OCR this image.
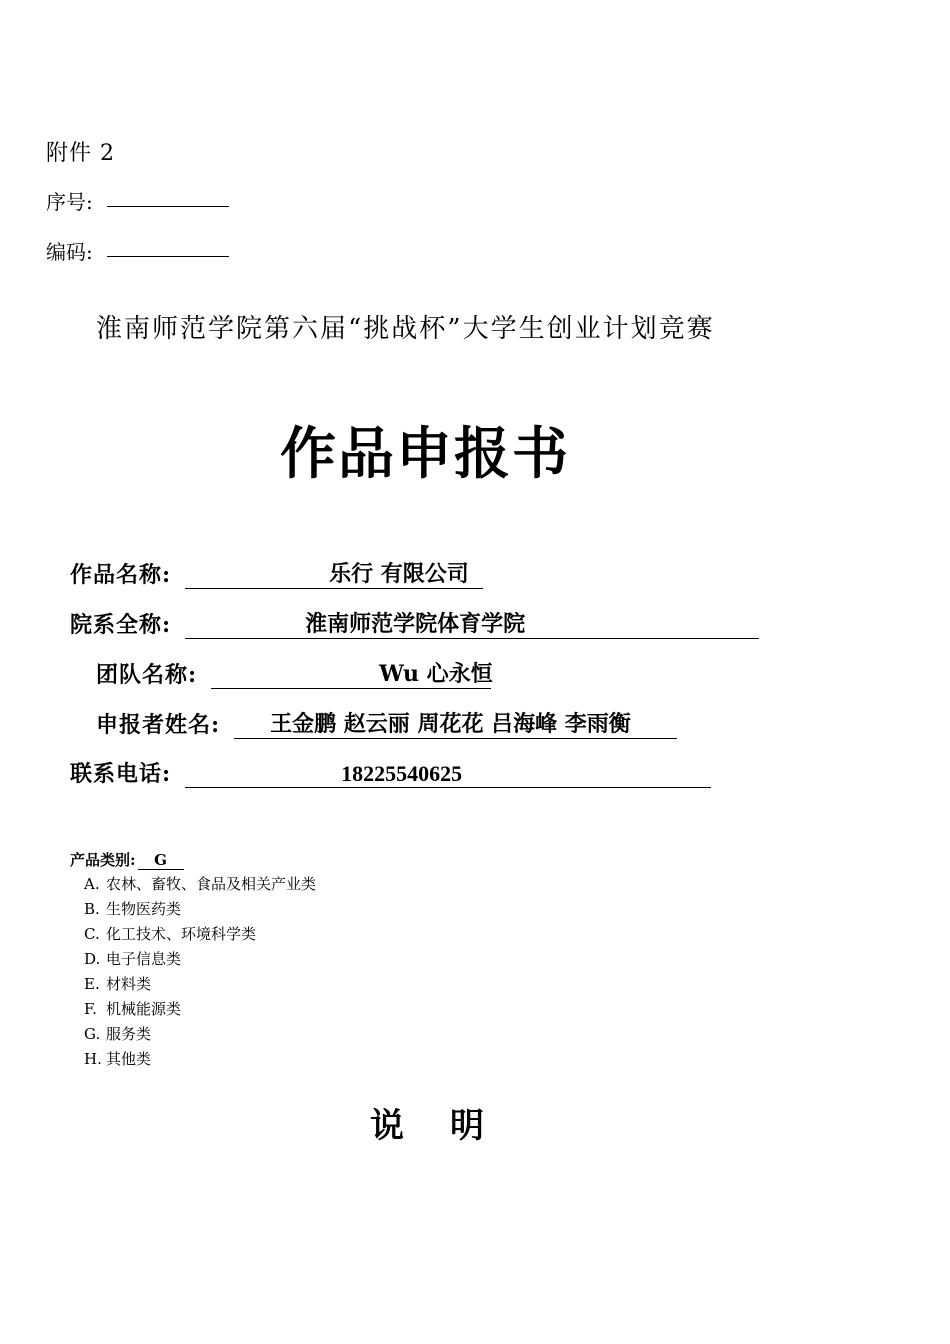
附件 2
序号:
编码:
淮南师范学院第六届“挑战杯”大学生创业计划竞赛
作品申报书
作品名称:	乐行 有限公司
院系全称:	淮南师范学院体育学院
团队名称:	Wu 心永恒
申报者姓名: 王金鹏 赵云丽 周花花 吕海峰 李雨衡
联系电话:	18225540625
产品类别: G
A. 农林、畜牧、食品及相关产业类
B. 生物医药类
C. 化工技术、环境科学类
D. 电子信息类
E. 材料类
F. 机械能源类
G. 服务类
H. 其他类
说明
